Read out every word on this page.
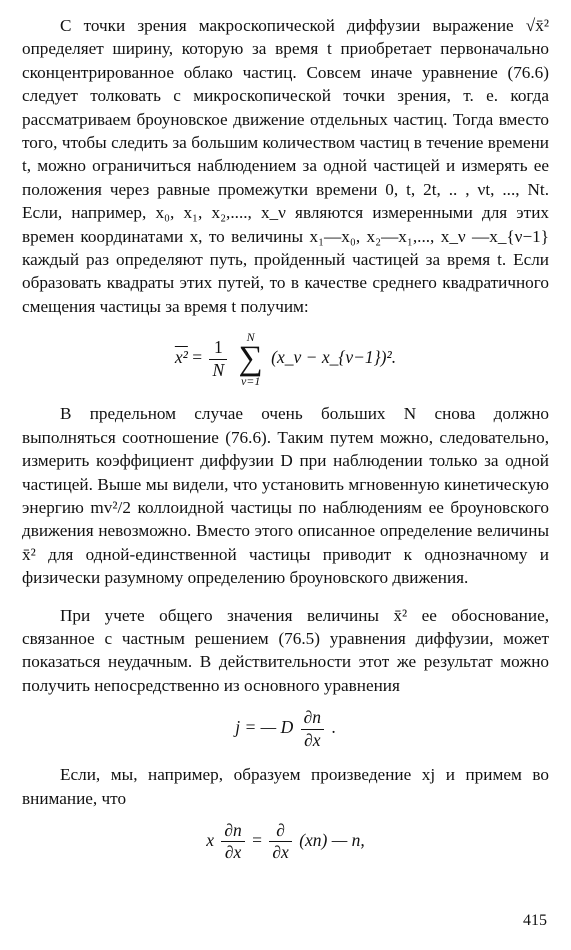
С точки зрения макроскопической диффузии выражение √x̄² определяет ширину, которую за время t приобретает первоначально сконцентрированное облако частиц. Совсем иначе уравнение (76.6) следует толковать с микроскопической точки зрения, т. е. когда рассматриваем броуновское движение отдельных частиц. Тогда вместо того, чтобы следить за большим количеством частиц в течение времени t, можно ограничиться наблюдением за одной частицей и измерять ее положения через равные промежутки времени 0, t, 2t, .. , νt, ..., Nt. Если, например, x₀, x₁, x₂,...., x_ν являются измеренными для этих времен координатами x, то величины x₁—x₀, x₂—x₁,..., x_ν —x_{ν−1} каждый раз определяют путь, пройденный частицей за время t. Если образовать квадраты этих путей, то в качестве среднего квадратичного смещения частицы за время t получим:

$x^2 = \frac{1}{N}$

N
∑
ν=1
(x_ν − x_{ν−1})².

В предельном случае очень больших N снова должно выполняться соотношение (76.6). Таким путем можно, следовательно, измерить коэффициент диффузии D при наблюдении только за одной частицей. Выше мы видели, что установить мгновенную кинетическую энергию mv²/2 коллоидной частицы по наблюдениям ее броуновского движения невозможно. Вместо этого описанное определение величины x̄² для одной-единственной частицы приводит к однозначному и физически разумному определению броуновского движения.

При учете общего значения величины x̄² ее обоснование, связанное с частным решением (76.5) уравнения диффузии, может показаться неудачным. В действительности этот же результат можно получить непосредственно из основного уравнения

j = — D $\frac{\partial n}{\partial x}$ .

Если, мы, например, образуем произведение xj и примем во внимание, что

x $\frac{\partial n}{\partial x} = \frac{\partial}{\partial x} (xn)$ — n,
415
